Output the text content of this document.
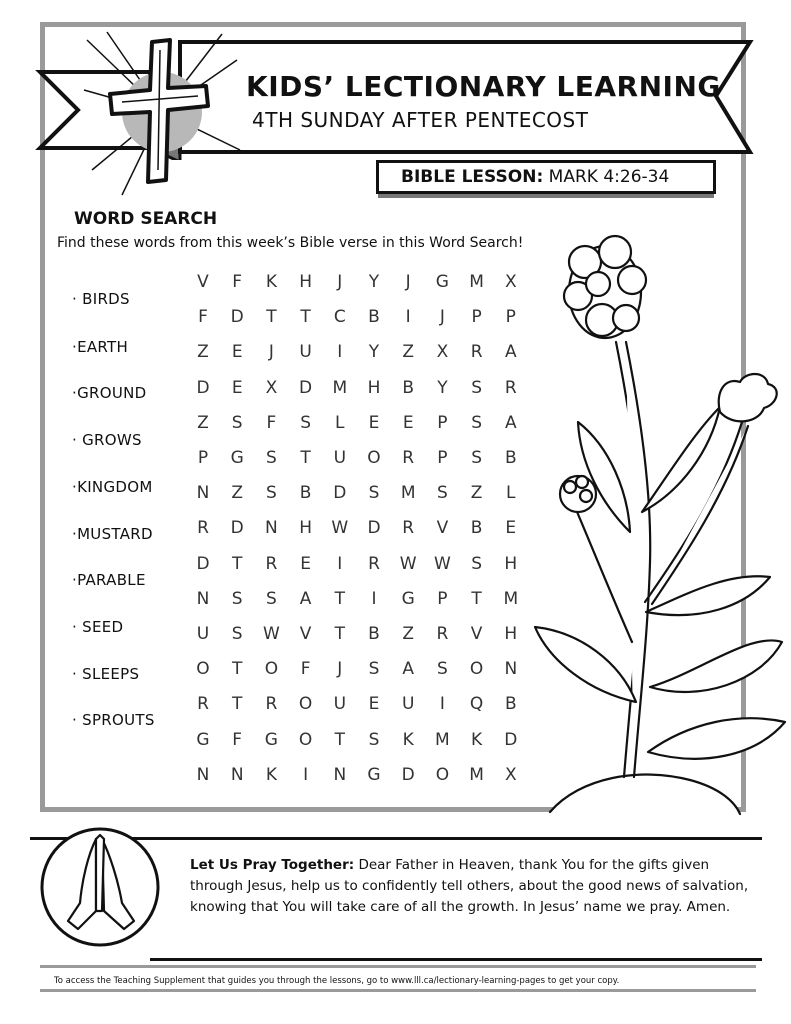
KIDS’ LECTIONARY LEARNING
4TH SUNDAY AFTER PENTECOST
BIBLE LESSON: MARK 4:26-34
WORD SEARCH
Find these words from this week’s Bible verse in this Word Search!
· BIRDS
·EARTH
·GROUND
· GROWS
·KINGDOM
·MUSTARD
·PARABLE
· SEED
· SLEEPS
· SPROUTS
V	F	K	H	J	Y	J	G	M	X
F	D	T	T	C	B	I	J	P	P
Z	E	J	U	I	Y	Z	X	R	A
D	E	X	D	M	H	B	Y	S	R
Z	S	F	S	L	E	E	P	S	A
P	G	S	T	U	O	R	P	S	B
N	Z	S	B	D	S	M	S	Z	L
R	D	N	H	W	D	R	V	B	E
D	T	R	E	I	R	W	W	S	H
N	S	S	A	T	I	G	P	T	M
U	S	W	V	T	B	Z	R	V	H
O	T	O	F	J	S	A	S	O	N
R	T	R	O	U	E	U	I	Q	B
G	F	G	O	T	S	K	M	K	D
N	N	K	I	N	G	D	O	M	X
Let Us Pray Together: Dear Father in Heaven, thank You for the gifts given through Jesus, help us to confidently tell others, about the good news of salvation, knowing that You will take care of all the growth. In Jesus’ name we pray. Amen.
To access the Teaching Supplement that guides you through the lessons, go to www.lll.ca/lectionary-learning-pages to get your copy.
